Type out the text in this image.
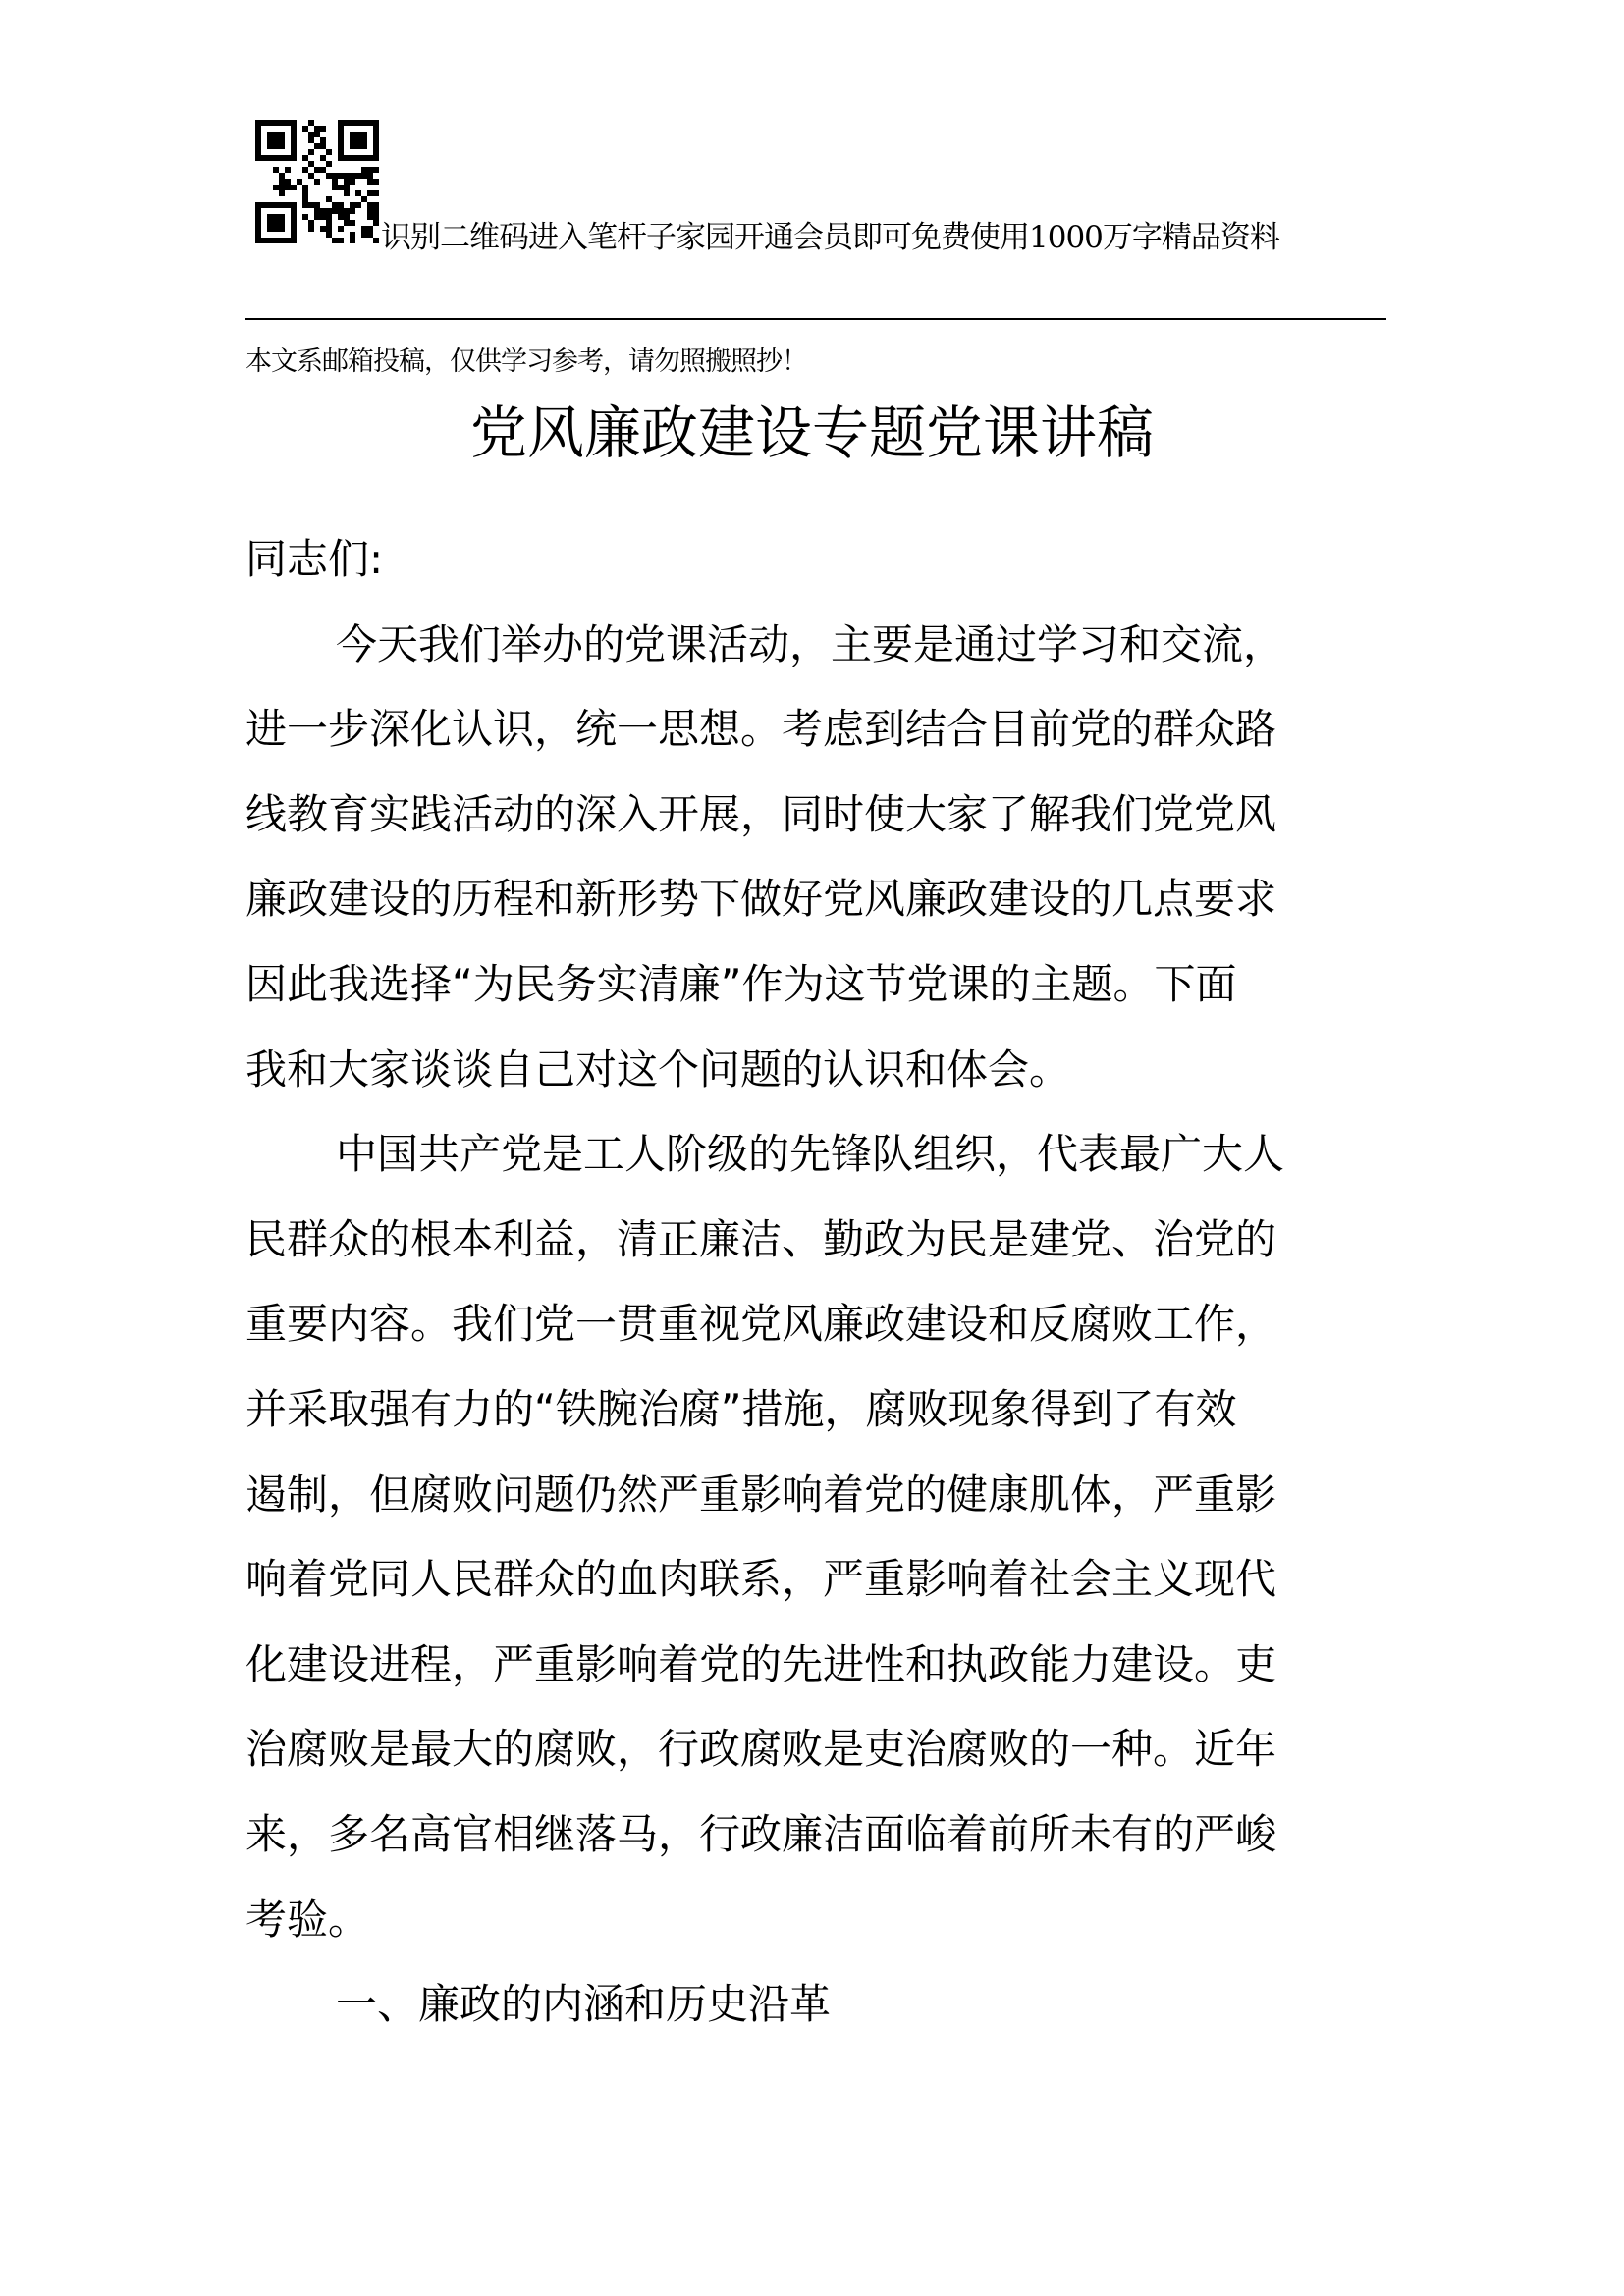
识别二维码进入笔杆子家园开通会员即可免费使用1000万字精品资料
本文系邮箱投稿，仅供学习参考，请勿照搬照抄！
党风廉政建设专题党课讲稿
同志们:
今天我们举办的党课活动，主要是通过学习和交流，
进一步深化认识，统一思想。考虑到结合目前党的群众路
线教育实践活动的深入开展，同时使大家了解我们党党风
廉政建设的历程和新形势下做好党风廉政建设的几点要求
因此我选择“为民务实清廉”作为这节党课的主题。下面
我和大家谈谈自己对这个问题的认识和体会。
中国共产党是工人阶级的先锋队组织，代表最广大人
民群众的根本利益，清正廉洁、勤政为民是建党、治党的
重要内容。我们党一贯重视党风廉政建设和反腐败工作，
并采取强有力的“铁腕治腐”措施，腐败现象得到了有效
遏制，但腐败问题仍然严重影响着党的健康肌体，严重影
响着党同人民群众的血肉联系，严重影响着社会主义现代
化建设进程，严重影响着党的先进性和执政能力建设。吏
治腐败是最大的腐败，行政腐败是吏治腐败的一种。近年
来，多名高官相继落马，行政廉洁面临着前所未有的严峻
考验。
一、廉政的内涵和历史沿革
